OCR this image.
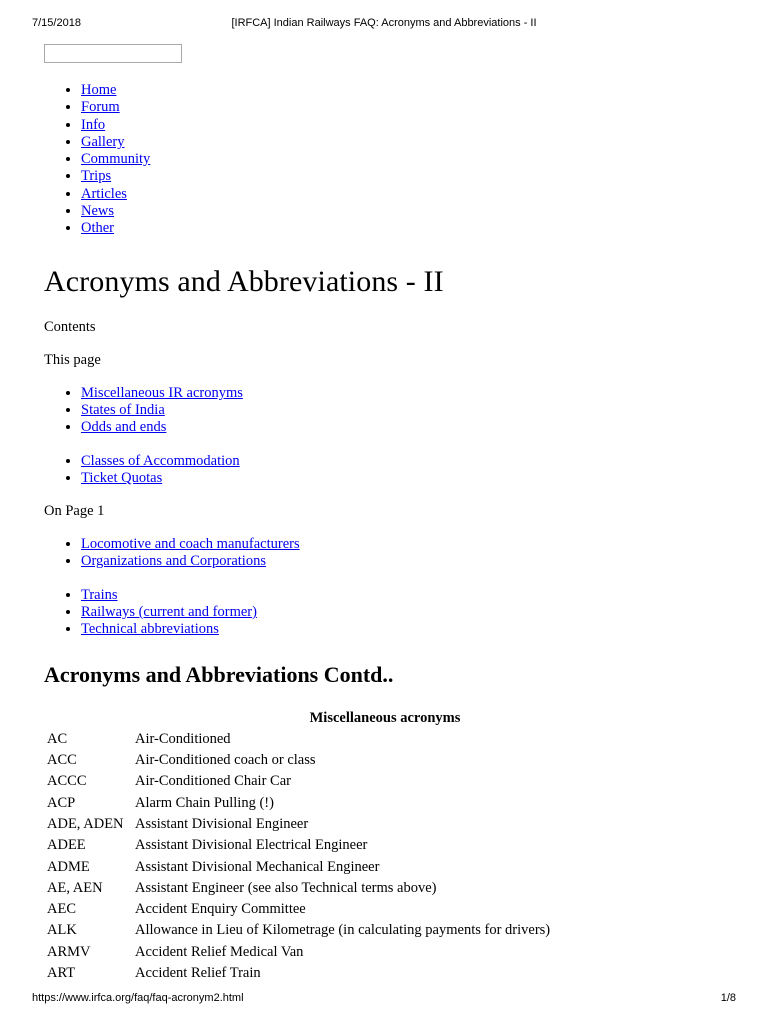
7/15/2018	[IRFCA] Indian Railways FAQ: Acronyms and Abbreviations - II
• Home
• Forum
• Info
• Gallery
• Community
• Trips
• Articles
• News
• Other
Acronyms and Abbreviations - II

Contents

This page

• Miscellaneous IR acronyms
• States of India
• Odds and ends
• Classes of Accommodation
• Ticket Quotas

On Page 1

• Locomotive and coach manufacturers
• Organizations and Corporations
• Trains
• Railways (current and former)
• Technical abbreviations
Acronyms and Abbreviations Contd..
Miscellaneous acronyms
AC	Air-Conditioned
ACC	Air-Conditioned coach or class
ACCC	Air-Conditioned Chair Car
ACP	Alarm Chain Pulling (!)
ADE, ADEN	Assistant Divisional Engineer
ADEE	Assistant Divisional Electrical Engineer
ADME	Assistant Divisional Mechanical Engineer
AE, AEN	Assistant Engineer (see also Technical terms above)
AEC	Accident Enquiry Committee
ALK	Allowance in Lieu of Kilometrage (in calculating payments for drivers)
ARMV	Accident Relief Medical Van
ART	Accident Relief Train
https://www.irfca.org/faq/faq-acronym2.html	1/8
